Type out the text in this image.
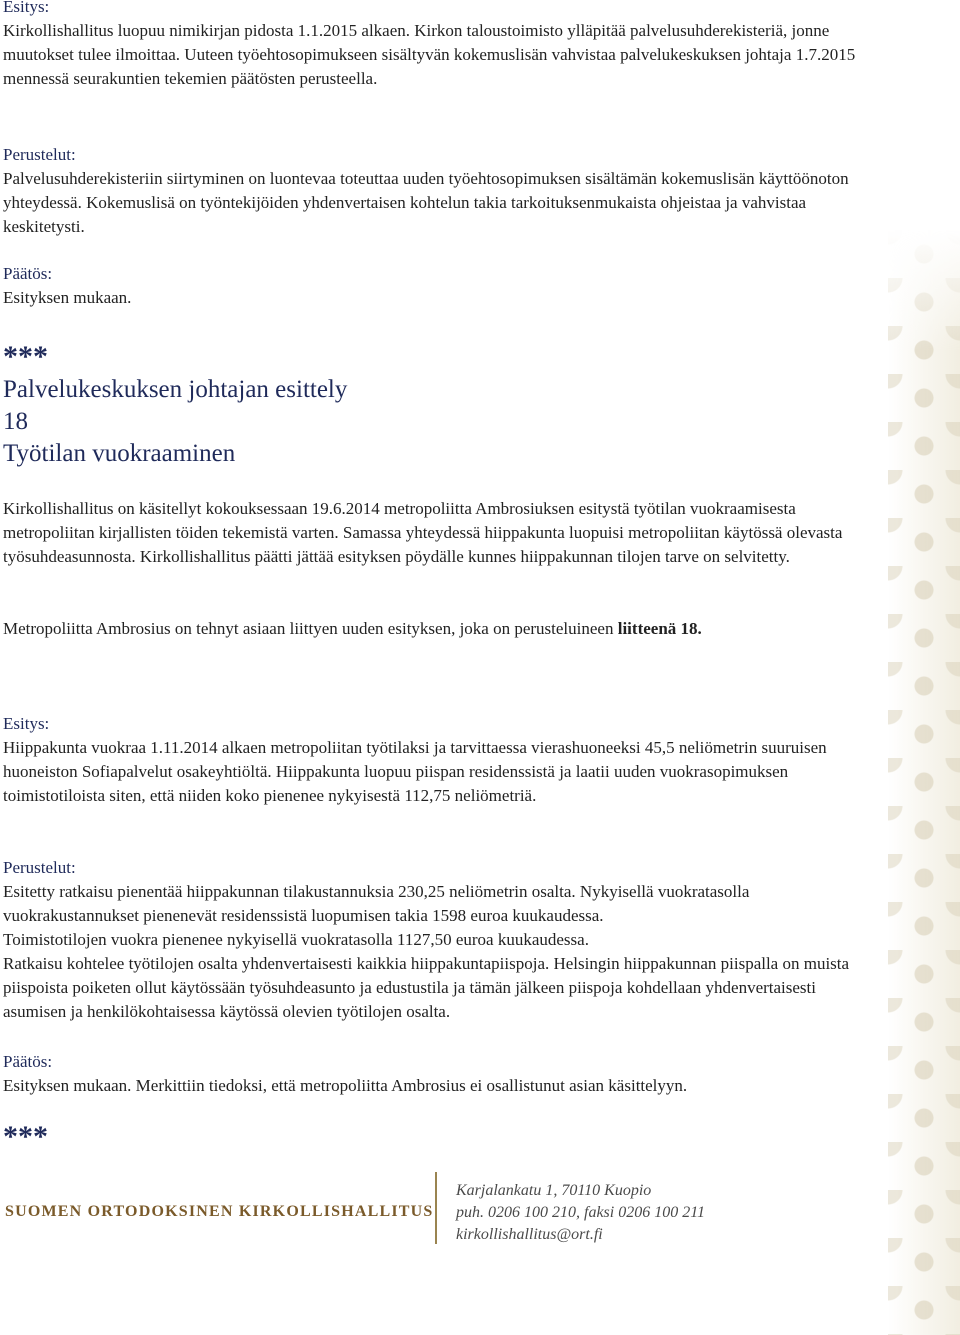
Esitys:

Kirkollishallitus luopuu nimikirjan pidosta 1.1.2015 alkaen. Kirkon taloustoimisto ylläpitää palvelusuhderekisteriä, jonne muutokset tulee ilmoittaa. Uuteen työehtosopimukseen sisältyvän kokemuslisän vahvistaa palvelukeskuksen johtaja 1.7.2015 mennessä seurakuntien tekemien päätösten perusteella.

Perustelut:

Palvelusuhderekisteriin siirtyminen on luontevaa toteuttaa uuden työehtosopimuksen sisältämän kokemuslisän käyttöönoton yhteydessä. Kokemuslisä on työntekijöiden yhdenvertaisen kohtelun takia tarkoituksenmukaista ohjeistaa ja vahvistaa keskitetysti.

Päätös:

Esityksen mukaan.

***

Palvelukeskuksen johtajan esittely

18

Työtilan vuokraaminen

Kirkollishallitus on käsitellyt kokouksessaan 19.6.2014 metropoliitta Ambrosiuksen esitystä työtilan vuokraamisesta metropoliitan kirjallisten töiden tekemistä varten. Samassa yhteydessä hiippakunta luopuisi metropoliitan käytössä olevasta työsuhdeasunnosta. Kirkollishallitus päätti jättää esityksen pöydälle kunnes hiippakunnan tilojen tarve on selvitetty.

Metropoliitta Ambrosius on tehnyt asiaan liittyen uuden esityksen, joka on perusteluineen liitteenä 18.

Esitys:

Hiippakunta vuokraa 1.11.2014 alkaen metropoliitan työtilaksi ja tarvittaessa vierashuoneeksi 45,5 neliömetrin suuruisen huoneiston Sofiapalvelut osakeyhtiöltä. Hiippakunta luopuu piispan residenssistä ja laatii uuden vuokrasopimuksen toimistotiloista siten, että niiden koko pienenee nykyisestä 112,75 neliömetriä.

Perustelut:

Esitetty ratkaisu pienentää hiippakunnan tilakustannuksia 230,25 neliömetrin osalta. Nykyisellä vuokratasolla vuokrakustannukset pienenevät residenssistä luopumisen takia 1598 euroa kuukaudessa.

Toimistotilojen vuokra pienenee nykyisellä vuokratasolla 1127,50 euroa kuukaudessa.

Ratkaisu kohtelee työtilojen osalta yhdenvertaisesti kaikkia hiippakuntapiispoja. Helsingin hiippakunnan piispalla on muista piispoista poiketen ollut käytössään työsuhdeasunto ja edustustila ja tämän jälkeen piispoja kohdellaan yhdenvertaisesti asumisen ja henkilökohtaisessa käytössä olevien työtilojen osalta.

Päätös:

Esityksen mukaan. Merkittiin tiedoksi, että metropoliitta Ambrosius ei osallistunut asian käsittelyyn.

***

SUOMEN ORTODOKSINEN KIRKOLLISHALLITUS
Karjalankatu 1, 70110 Kuopio
puh. 0206 100 210, faksi 0206 100 211
kirkollishallitus@ort.fi
